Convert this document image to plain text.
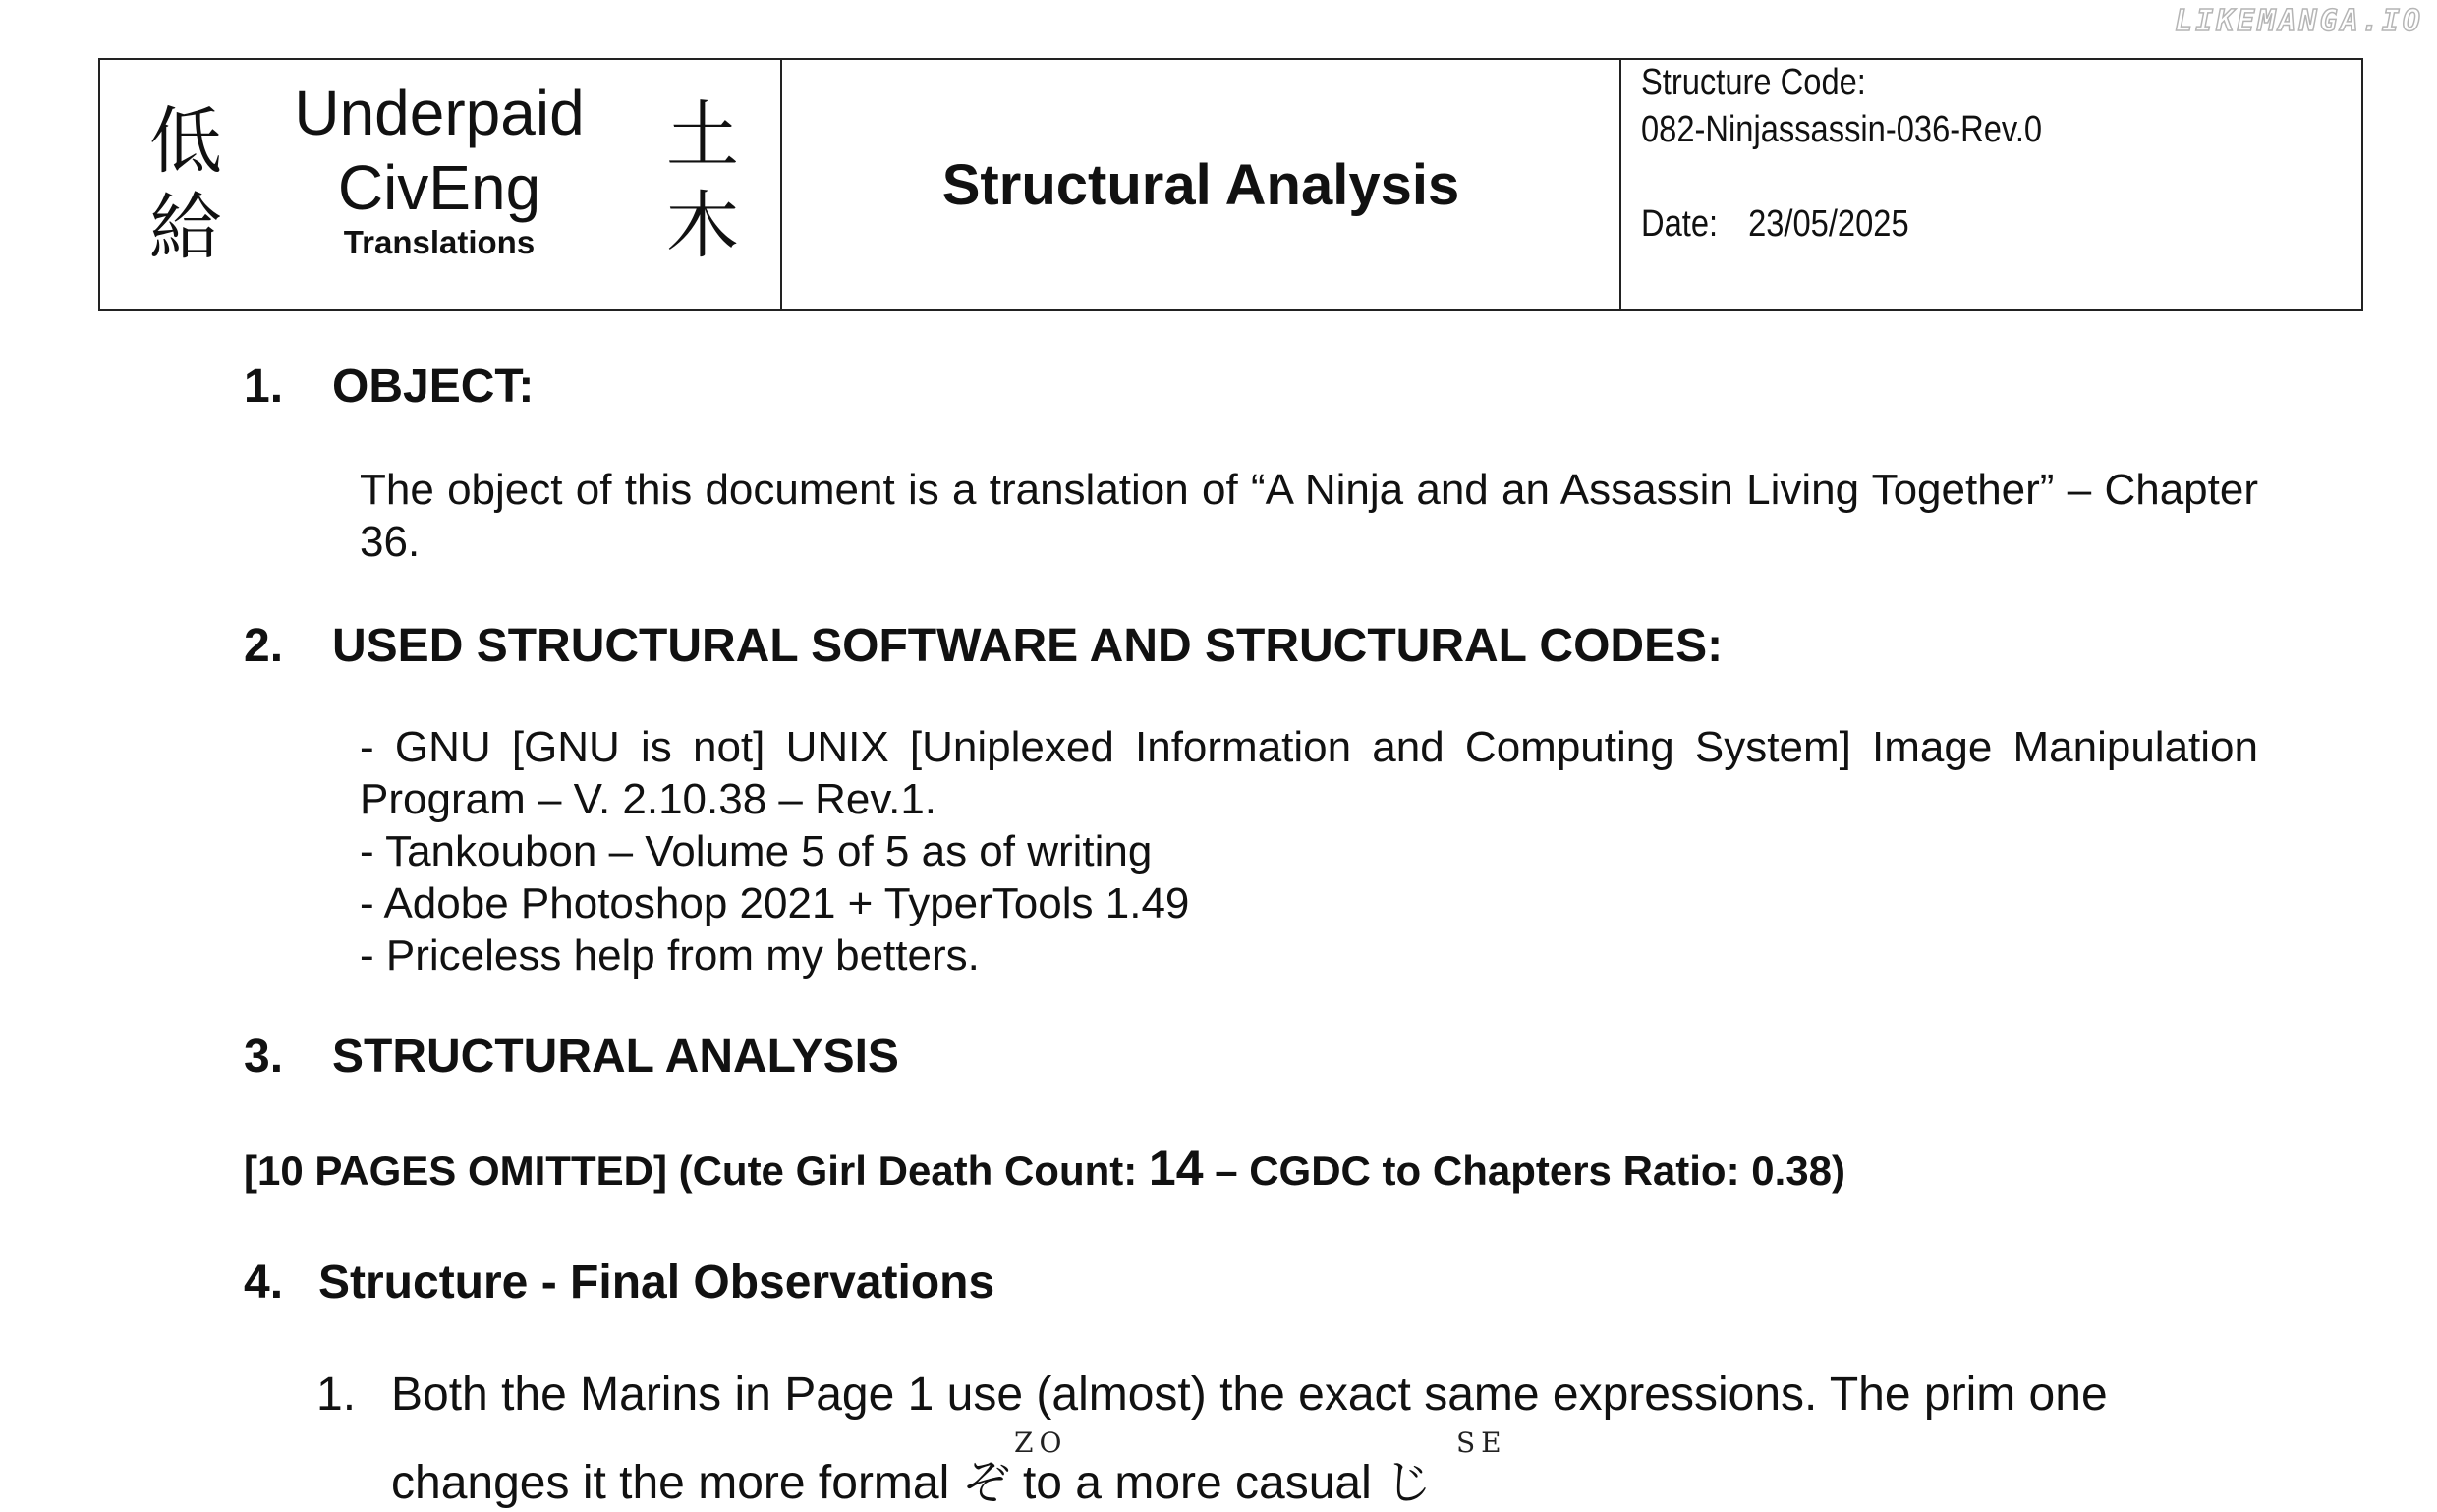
LIKEMANGA.IO
低
給
Underpaid
CivEng
Translations
土
木	Structural Analysis
Structure Code:
082-Ninjassassin-036-Rev.0
Date: 23/05/2025
1. OBJECT:
The object of this document is a translation of “A Ninja and an Assassin Living Together” – Chapter 36.
2. USED STRUCTURAL SOFTWARE AND STRUCTURAL CODES:
- GNU [GNU is not] UNIX [Uniplexed Information and Computing System] Image Manipulation Program – V. 2.10.38 – Rev.1.
- Tankoubon – Volume 5 of 5 as of writing
- Adobe Photoshop 2021 + TyperTools 1.49
- Priceless help from my betters.
3. STRUCTURAL ANALYSIS
[10 PAGES OMITTED] (Cute Girl Death Count: 14 – CGDC to Chapters Ratio: 0.38)
4. Structure - Final Observations
1. Both the Marins in Page 1 use (almost) the exact same expressions. The prim one
ZO	SE
changes it the more formal ぞ to a more casual じ
